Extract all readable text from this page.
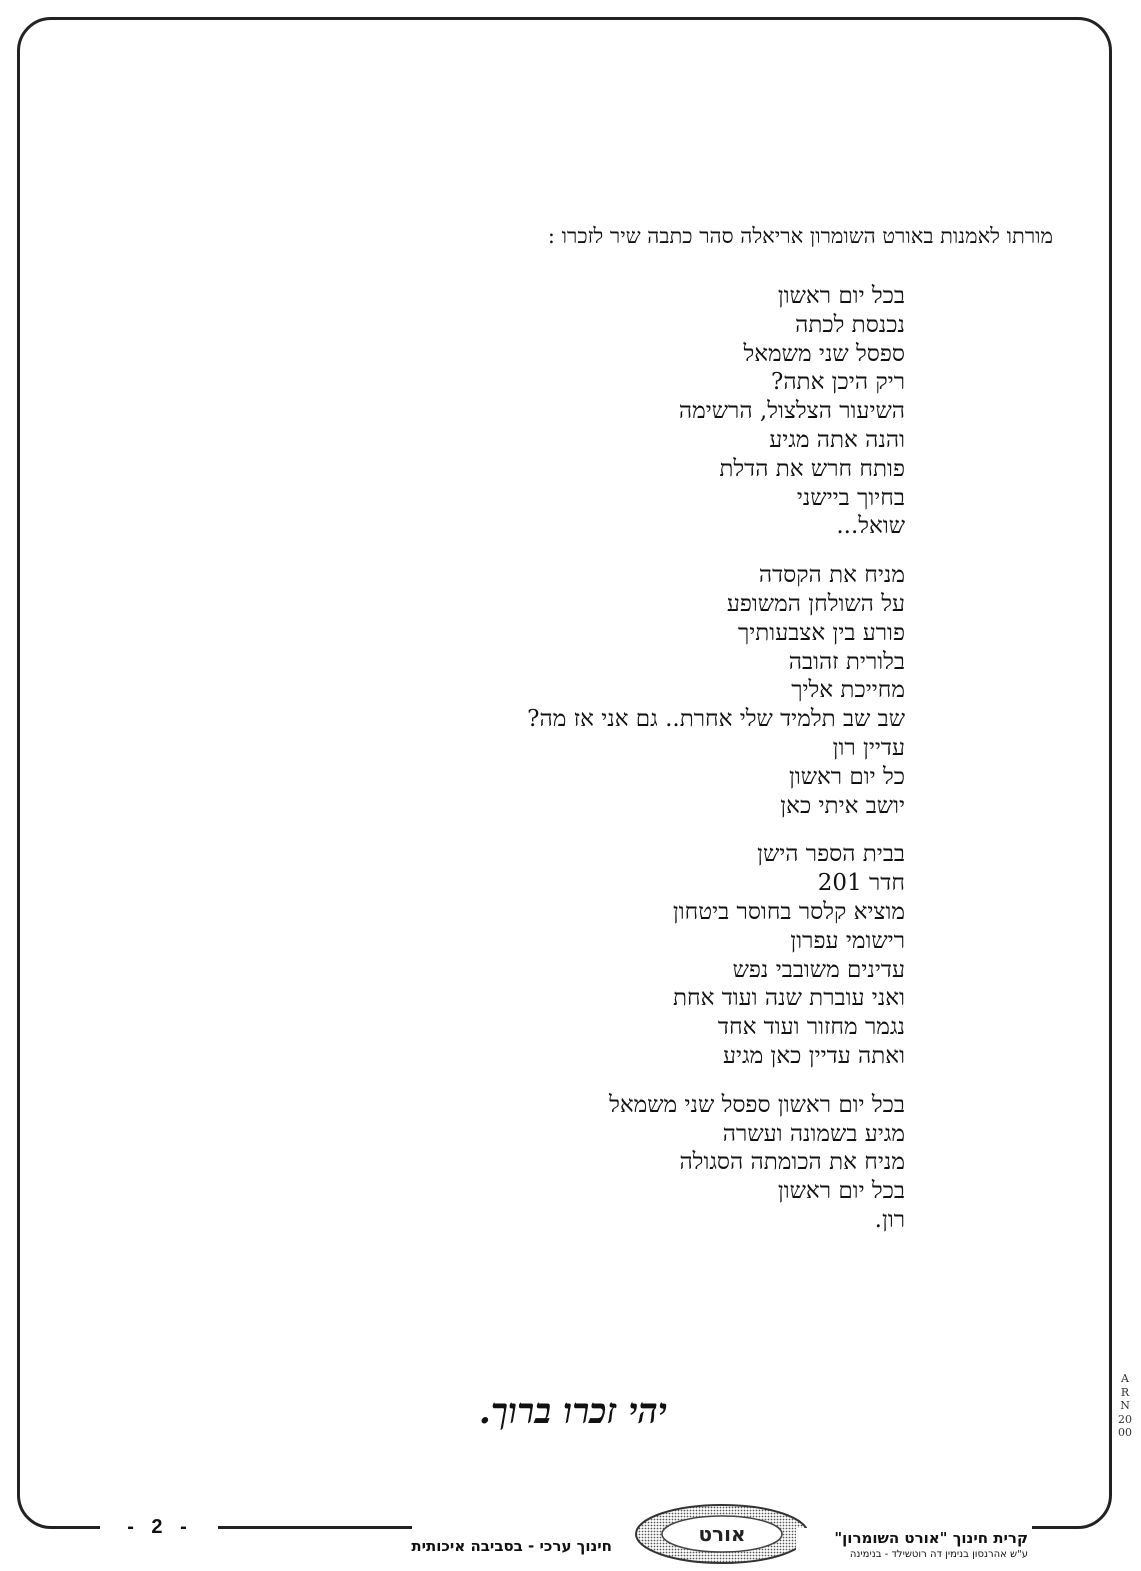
מורתו לאמנות באורט השומרון אריאלה סהר כתבה שיר לזכרו :
בכל יום ראשון
נכנסת לכתה
ספסל שני משמאל
ריק היכן אתה?
השיעור הצלצול, הרשימה
והנה אתה מגיע
פותח חרש את הדלת
בחיוך ביישני
שואל...
מניח את הקסדה
על השולחן המשופע
פורע בין אצבעותיך
בלורית זהובה
מחייכת אליך
שב שב תלמיד שלי אחרת.. גם אני אז מה?
עדיין רון
כל יום ראשון
יושב איתי כאן
בבית הספר הישן
חדר 201
מוציא קלסר בחוסר ביטחון
רישומי עפרון
עדינים משובבי נפש
ואני עוברת שנה ועוד אחת
נגמר מחזור ועוד אחד
ואתה עדיין כאן מגיע
בכל יום ראשון ספסל שני משמאל
מגיע בשמונה ועשרה
מניח את הכומתה הסגולה
בכל יום ראשון
רון.
יהי זכרו ברוך.
ARN 2000
- 2 -
חינוך ערכי - בסביבה איכותית	אורט	קרית חינוך "אורט השומרון"
ע"ש אהרנסון בנימין דה רוטשילד - בנימינה
